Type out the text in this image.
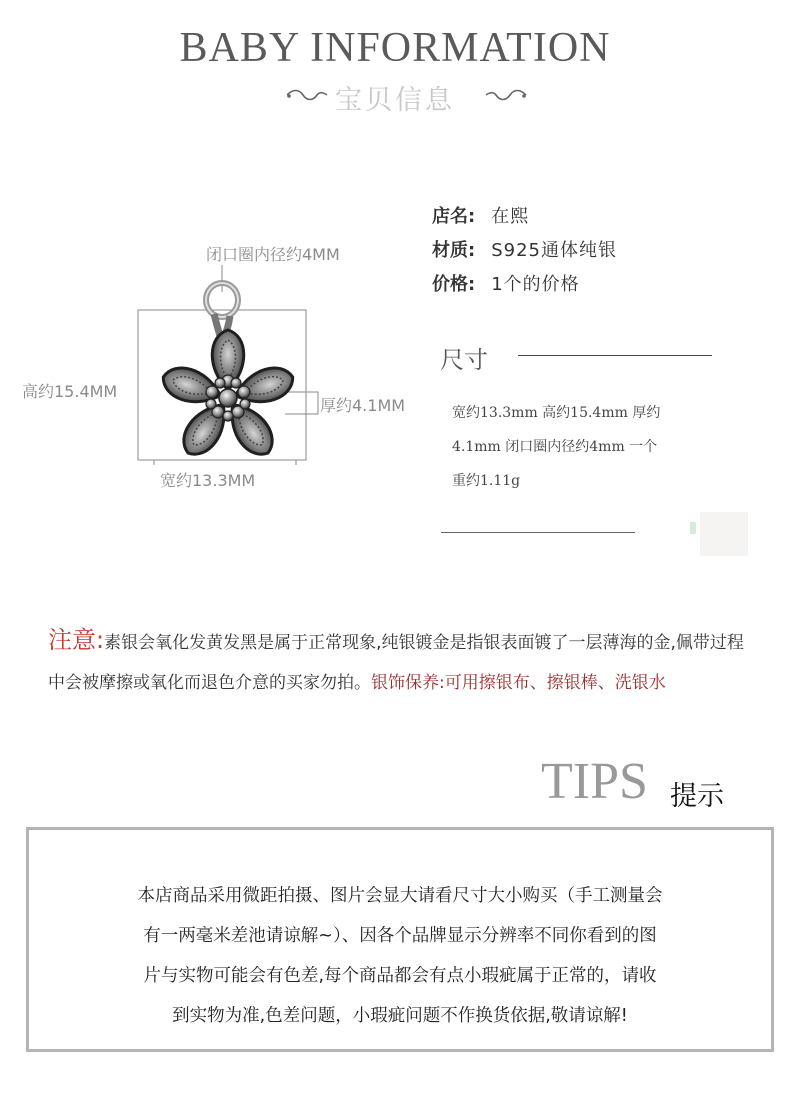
BABY INFORMATION
宝贝信息
闭口圈内径约4MM
高约15.4MM
厚约4.1MM
宽约13.3MM
店名: 在熙
材质: S925通体纯银
价格: 1个的价格
尺寸
宽约13.3mm 高约15.4mm 厚约
4.1mm 闭口圈内径约4mm 一个
重约1.11g
注意:素银会氧化发黄发黑是属于正常现象,纯银镀金是指银表面镀了一层薄海的金,佩带过程中会被摩擦或氧化而退色介意的买家勿拍。银饰保养:可用擦银布、擦银棒、洗银水
TIPS 提示
本店商品采用微距拍摄、图片会显大请看尺寸大小购买（手工测量会
有一两毫米差池请谅解~）、因各个品牌显示分辨率不同你看到的图
片与实物可能会有色差,每个商品都会有点小瑕疵属于正常的，请收
到实物为准,色差问题，小瑕疵问题不作换货依据,敬请谅解!
